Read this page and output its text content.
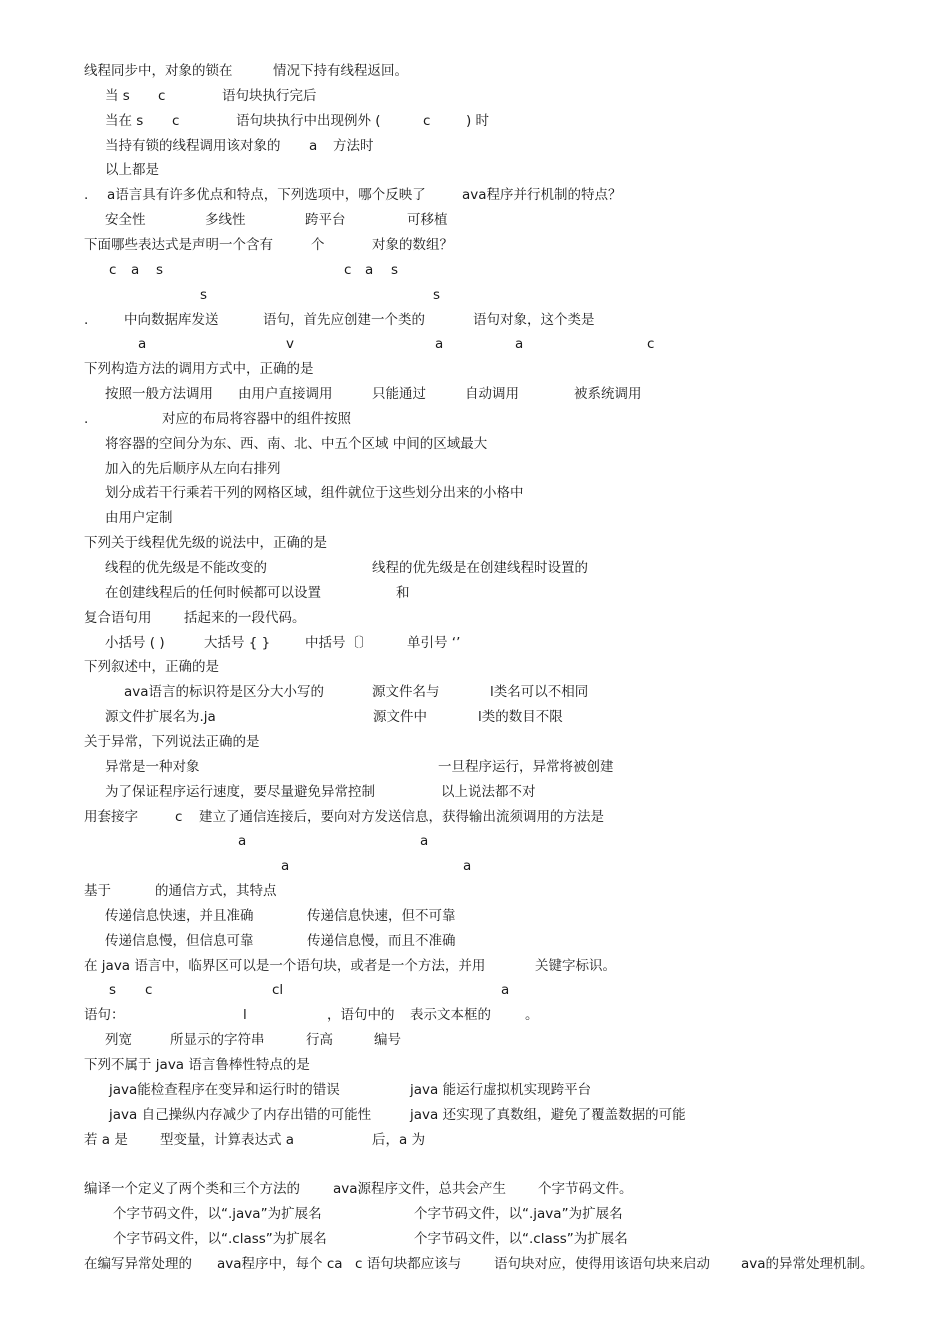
线程同步中，对象的锁在	情况下持有线程返回。
当 s c	语句块执行完后
当在 s c	语句块执行中出现例外 (	c	) 时
当持有锁的线程调用该对象的 a 方法时
以上都是
. a语言具有许多优点和特点，下列选项中，哪个反映了	ava程序并行机制的特点？
安全性	多线性	跨平台	可移植
下面哪些表达式是声明一个含有	个	对象的数组？
c a s	c a s
s	s
.	中向数据库发送	语句，首先应创建一个类的	语句对象，这个类是
a	v	a	a	c
下列构造方法的调用方式中，正确的是
按照一般方法调用 由用户直接调用	只能通过	自动调用	被系统调用
.	对应的布局将容器中的组件按照
将容器的空间分为东、西、南、北、中五个区域 中间的区域最大
加入的先后顺序从左向右排列
划分成若干行乘若干列的网格区域，组件就位于这些划分出来的小格中
由用户定制
下列关于线程优先级的说法中，正确的是
线程的优先级是不能改变的	线程的优先级是在创建线程时设置的
在创建线程后的任何时候都可以设置	和
复合语句用 括起来的一段代码。
小括号 ( )	大括号 { }	中括号〔〕	单引号 ‘’
下列叙述中，正确的是
ava语言的标识符是区分大小写的	源文件名与	l类名可以不相同
源文件扩展名为.ja	源文件中	l类的数目不限
关于异常，下列说法正确的是
异常是一种对象	一旦程序运行，异常将被创建
为了保证程序运行速度，要尽量避免异常控制	以上说法都不对
用套接字	c 建立了通信连接后，要向对方发送信息，获得输出流须调用的方法是
a	a
a	a
基于	的通信方式，其特点
传递信息快速，并且准确	传递信息快速，但不可靠
传递信息慢，但信息可靠	传递信息慢，而且不准确
在 java 语言中，临界区可以是一个语句块，或者是一个方法，并用	关键字标识。
s c	cl	a
语句：	l	，语句中的 表示文本框的	。
列宽	所显示的字符串	行高	编号
下列不属于 java 语言鲁棒性特点的是
java能检查程序在变异和运行时的错误	java 能运行虚拟机实现跨平台
java 自己操纵内存减少了内存出错的可能性	java 还实现了真数组，避免了覆盖数据的可能
若 a 是 型变量，计算表达式 a	后，a 为
编译一个定义了两个类和三个方法的 ava源程序文件，总共会产生 个字节码文件。
个字节码文件，以“.java”为扩展名	个字节码文件，以“.java”为扩展名
个字节码文件，以“.class”为扩展名	个字节码文件，以“.class”为扩展名
在编写异常处理的 ava程序中，每个 ca c 语句块都应该与 语句块对应，使得用该语句块来启动 ava的异常处理机制。
